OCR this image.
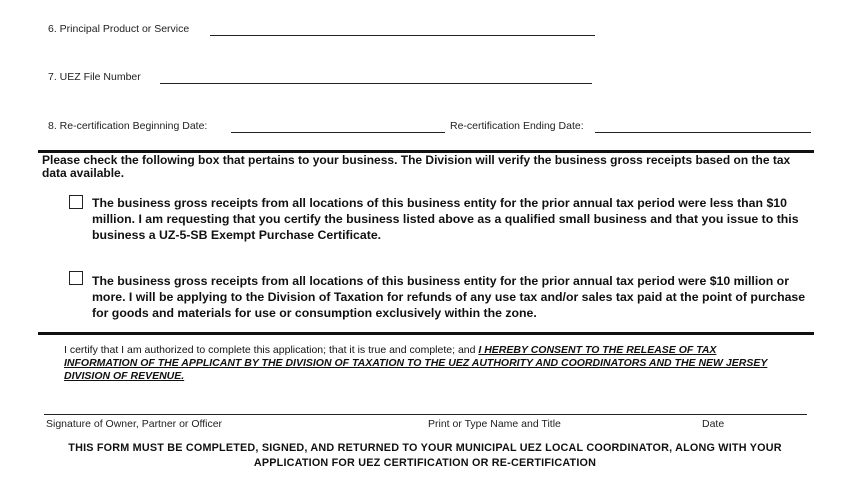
6. Principal Product or Service
7. UEZ File Number
8. Re-certification Beginning Date:	Re-certification Ending Date:
Please check the following box that pertains to your business. The Division will verify the business gross receipts based on the tax data available.
The business gross receipts from all locations of this business entity for the prior annual tax period were less than $10 million. I am requesting that you certify the business listed above as a qualified small business and that you issue to this business a UZ-5-SB Exempt Purchase Certificate.
The business gross receipts from all locations of this business entity for the prior annual tax period were $10 million or more. I will be applying to the Division of Taxation for refunds of any use tax and/or sales tax paid at the point of purchase for goods and materials for use or consumption exclusively within the zone.
I certify that I am authorized to complete this application; that it is true and complete; and I HEREBY CONSENT TO THE RELEASE OF TAX INFORMATION OF THE APPLICANT BY THE DIVISION OF TAXATION TO THE UEZ AUTHORITY AND COORDINATORS AND THE NEW JERSEY DIVISION OF REVENUE.
Signature of Owner, Partner or Officer	Print or Type Name and Title	Date
THIS FORM MUST BE COMPLETED, SIGNED, AND RETURNED TO YOUR MUNICIPAL UEZ LOCAL COORDINATOR, ALONG WITH YOUR
APPLICATION FOR UEZ CERTIFICATION OR RE-CERTIFICATION
